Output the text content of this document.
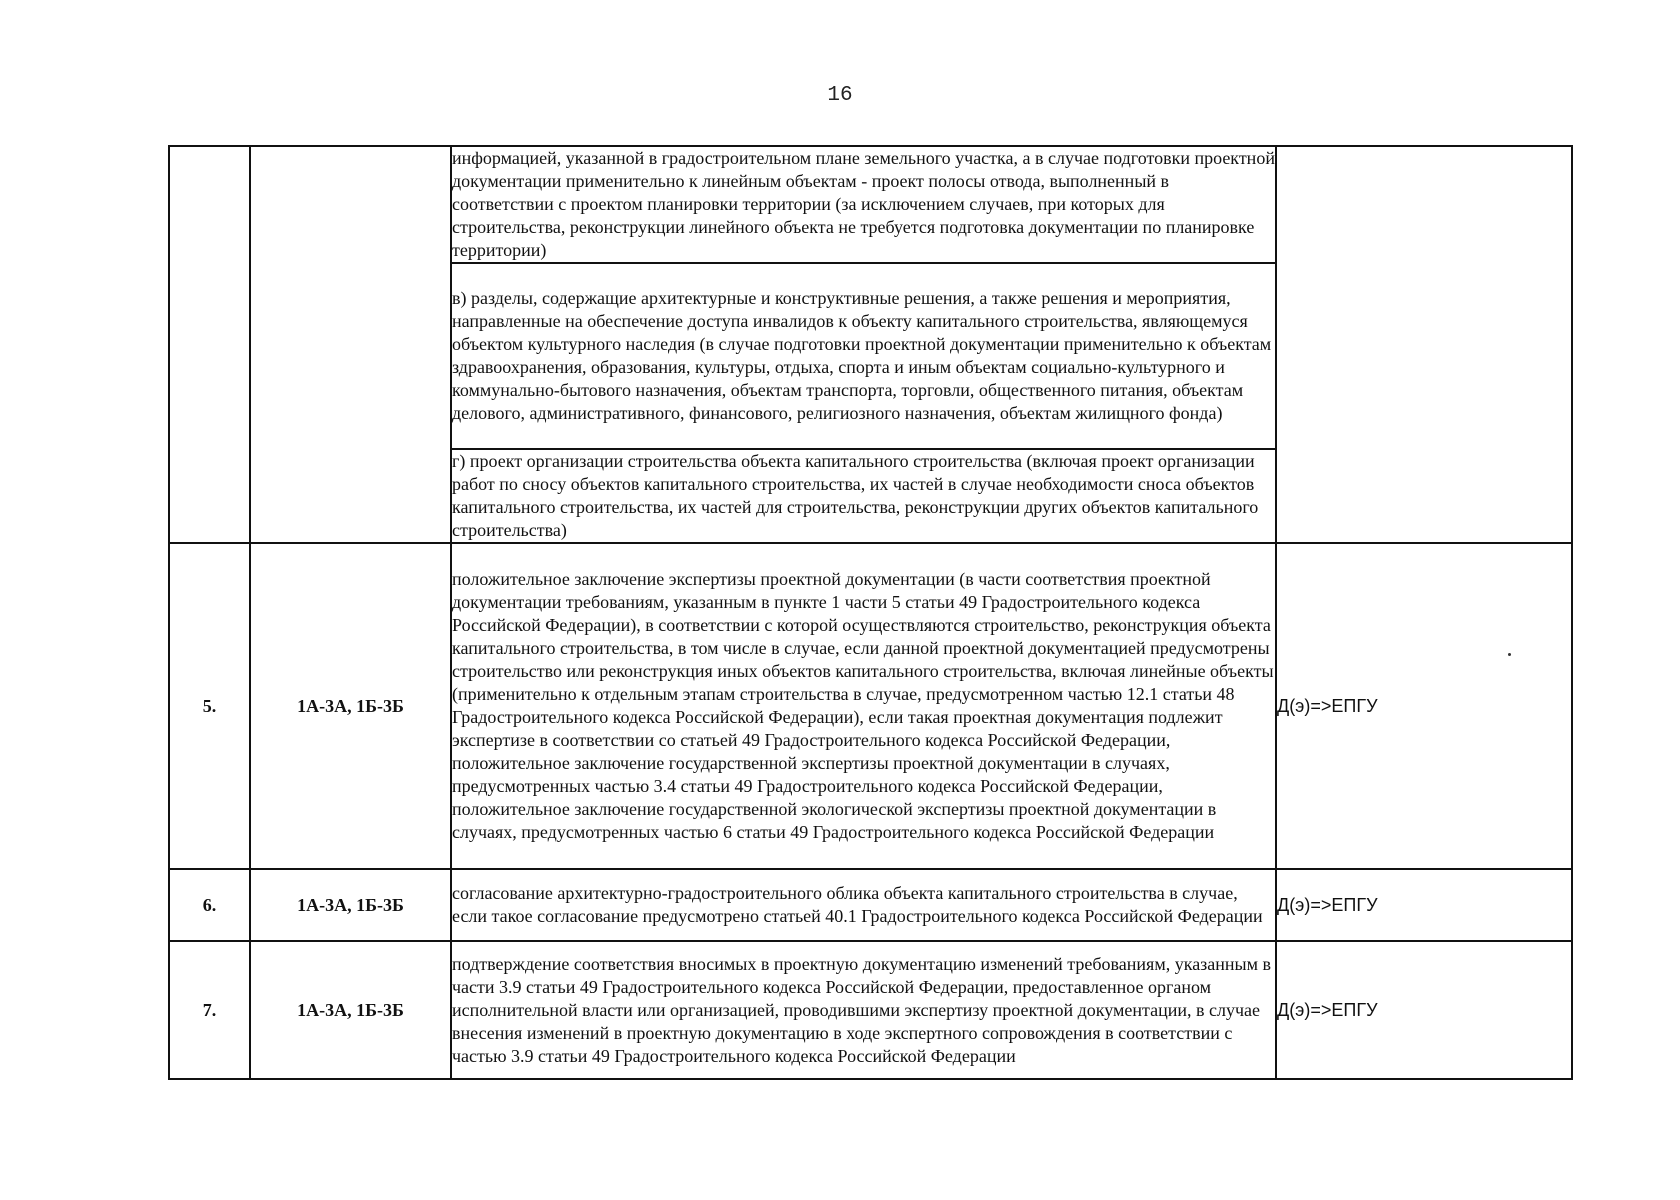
16
		информацией, указанной в градостроительном плане земельного участка, а в случае подготовки проектной документации применительно к линейным объектам - проект полосы отвода, выполненный в соответствии с проектом планировки территории (за исключением случаев, при которых для строительства, реконструкции линейного объекта не требуется подготовка документации по планировке территории)	
		в) разделы, содержащие архитектурные и конструктивные решения, а также решения и мероприятия, направленные на обеспечение доступа инвалидов к объекту капитального строительства, являющемуся объектом культурного наследия (в случае подготовки проектной документации применительно к объектам здравоохранения, образования, культуры, отдыха, спорта и иным объектам социально-культурного и коммунально-бытового назначения, объектам транспорта, торговли, общественного питания, объектам делового, административного, финансового, религиозного назначения, объектам жилищного фонда)	
		г) проект организации строительства объекта капитального строительства (включая проект организации работ по сносу объектов капитального строительства, их частей в случае необходимости сноса объектов капитального строительства, их частей для строительства, реконструкции других объектов капитального строительства)	
5.	1А-3А, 1Б-3Б	положительное заключение экспертизы проектной документации (в части соответствия проектной документации требованиям, указанным в пункте 1 части 5 статьи 49 Градостроительного кодекса Российской Федерации), в соответствии с которой осуществляются строительство, реконструкция объекта капитального строительства, в том числе в случае, если данной проектной документацией предусмотрены строительство или реконструкция иных объектов капитального строительства, включая линейные объекты (применительно к отдельным этапам строительства в случае, предусмотренном частью 12.1 статьи 48 Градостроительного кодекса Российской Федерации), если такая проектная документация подлежит экспертизе в соответствии со статьей 49 Градостроительного кодекса Российской Федерации, положительное заключение государственной экспертизы проектной документации в случаях, предусмотренных частью 3.4 статьи 49 Градостроительного кодекса Российской Федерации, положительное заключение государственной экологической экспертизы проектной документации в случаях, предусмотренных частью 6 статьи 49 Градостроительного кодекса Российской Федерации	Д(э)=>ЕПГУ
6.	1А-3А, 1Б-3Б	согласование архитектурно-градостроительного облика объекта капитального строительства в случае, если такое согласование предусмотрено статьей 40.1 Градостроительного кодекса Российской Федерации	Д(э)=>ЕПГУ
7.	1А-3А, 1Б-3Б	подтверждение соответствия вносимых в проектную документацию изменений требованиям, указанным в части 3.9 статьи 49 Градостроительного кодекса Российской Федерации, предоставленное органом исполнительной власти или организацией, проводившими экспертизу проектной документации, в случае внесения изменений в проектную документацию в ходе экспертного сопровождения в соответствии с частью 3.9 статьи 49 Градостроительного кодекса Российской Федерации	Д(э)=>ЕПГУ
